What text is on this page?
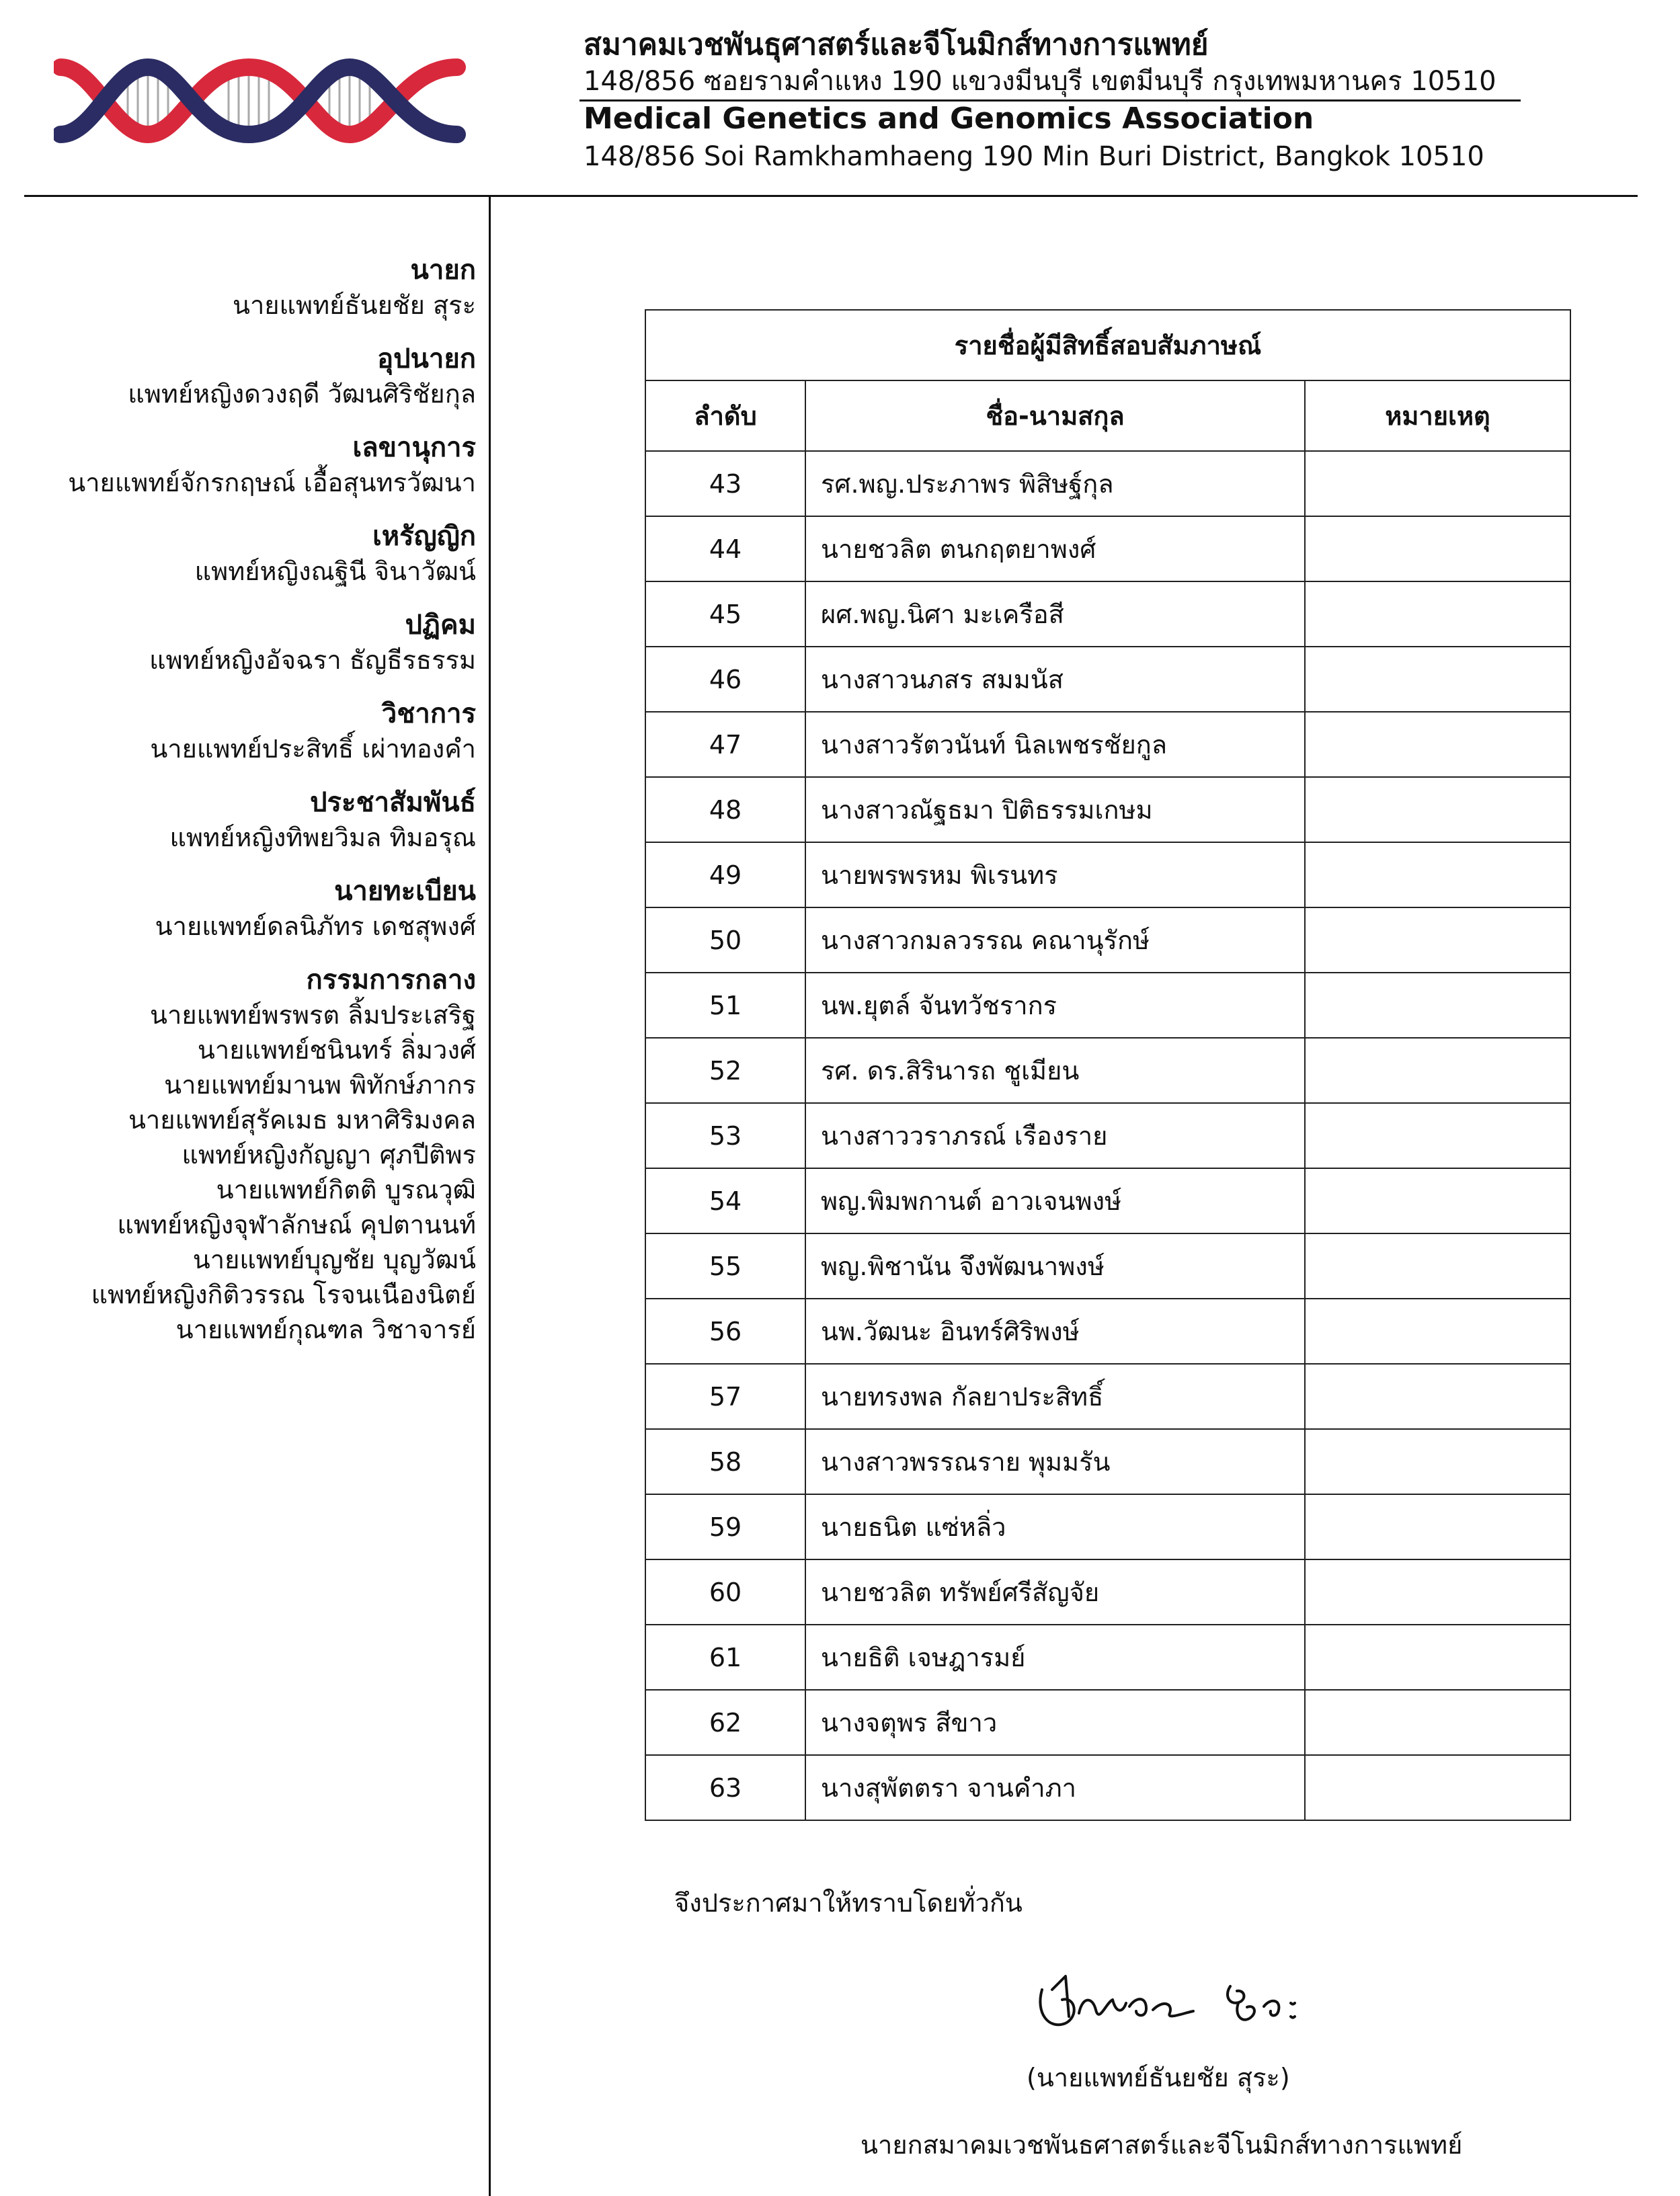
สมาคมเวชพันธุศาสตร์และจีโนมิกส์ทางการแพทย์
148/856 ซอยรามคำแหง 190 แขวงมีนบุรี เขตมีนบุรี กรุงเทพมหานคร 10510
Medical Genetics and Genomics Association
148/856 Soi Ramkhamhaeng 190 Min Buri District, Bangkok 10510
นายก
นายแพทย์ธันยชัย สุระ
อุปนายก
แพทย์หญิงดวงฤดี วัฒนศิริชัยกุล
เลขานุการ
นายแพทย์จักรกฤษณ์ เอื้อสุนทรวัฒนา
เหรัญญิก
แพทย์หญิงณฐินี จินาวัฒน์
ปฏิคม
แพทย์หญิงอัจฉรา ธัญธีรธรรม
วิชาการ
นายแพทย์ประสิทธิ์ เผ่าทองคำ
ประชาสัมพันธ์
แพทย์หญิงทิพยวิมล ทิมอรุณ
นายทะเบียน
นายแพทย์ดลนิภัทร เดชสุพงศ์
กรรมการกลาง
นายแพทย์พรพรต ลิ้มประเสริฐ
นายแพทย์ชนินทร์ ลิ่มวงศ์
นายแพทย์มานพ พิทักษ์ภากร
นายแพทย์สุรัคเมธ มหาศิริมงคล
แพทย์หญิงกัญญา ศุภปีติพร
นายแพทย์กิตติ บูรณวุฒิ
แพทย์หญิงจุฬาลักษณ์ คุปตานนท์
นายแพทย์บุญชัย บุญวัฒน์
แพทย์หญิงกิติวรรณ โรจนเนืองนิตย์
นายแพทย์กุณฑล วิชาจารย์
รายชื่อผู้มีสิทธิ์สอบสัมภาษณ์		
ลำดับ	ชื่อ-นามสกุล	หมายเหตุ
43	รศ.พญ.ประภาพร พิสิษฐ์กุล	
44	นายชวลิต ตนกฤตยาพงศ์	
45	ผศ.พญ.นิศา มะเครือสี	
46	นางสาวนภสร สมมนัส	
47	นางสาวรัตวนันท์ นิลเพชรชัยกูล	
48	นางสาวณัฐธมา ปิติธรรมเกษม	
49	นายพรพรหม พิเรนทร	
50	นางสาวกมลวรรณ คณานุรักษ์	
51	นพ.ยุตล์ จันทวัชรากร	
52	รศ. ดร.สิรินารถ ชูเมียน	
53	นางสาววราภรณ์ เรืองราย	
54	พญ.พิมพกานต์ อาวเจนพงษ์	
55	พญ.พิชานัน จึงพัฒนาพงษ์	
56	นพ.วัฒนะ อินทร์ศิริพงษ์	
57	นายทรงพล กัลยาประสิทธิ์	
58	นางสาวพรรณราย พุมมรัน	
59	นายธนิต แซ่หลิ่ว	
60	นายชวลิต ทรัพย์ศรีสัญจัย	
61	นายธิติ เจษฎารมย์	
62	นางจตุพร สีขาว	
63	นางสุพัตตรา จานคำภา	
จึงประกาศมาให้ทราบโดยทั่วกัน
(นายแพทย์ธันยชัย สุระ)
นายกสมาคมเวชพันธศาสตร์และจีโนมิกส์ทางการแพทย์
